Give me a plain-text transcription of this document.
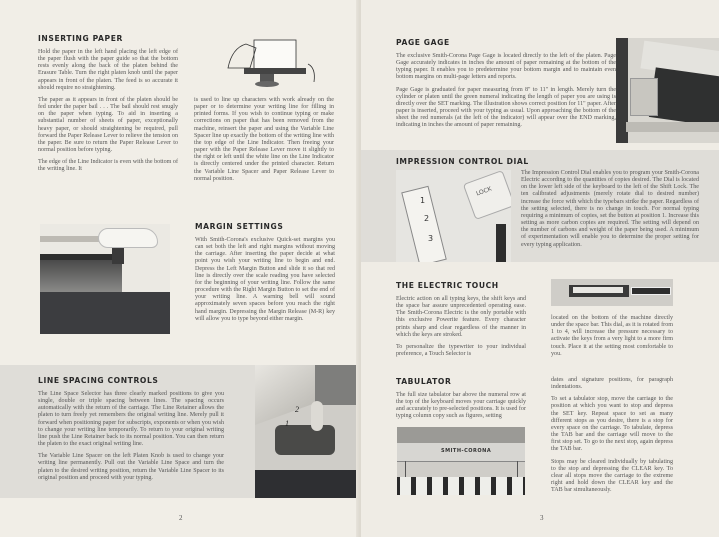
INSERTING PAPER

Hold the paper in the left hand placing the left edge of the paper flush with the paper guide so that the bottom rests evenly along the back of the platen behind the Erasure Table. Turn the right platen knob until the paper appears in front of the platen. The feed is so accurate it should require no straightening.

The paper as it appears in front of the platen should be fed under the paper bail . . . The bail should rest snugly on the paper when typing. To aid in inserting a substantial number of sheets of paper, exceptionally heavy paper, or should straightening be required, pull forward the Paper Release Lever to relieve the tension on the paper. Be sure to return the Paper Release Lever to normal position before typing.

The edge of the Line Indicator is even with the bottom of the writing line. It

is used to line up characters with work already on the paper or to determine your writing line for filling in printed forms. If you wish to continue typing or make corrections on paper that has been removed from the machine, reinsert the paper and using the Variable Line Spacer line up exactly the bottom of the writing line with the top edge of the Line Indicator. Then freeing your paper with the Paper Release Lever move it slightly to the right or left until the white line on the Line Indicator is directly centered under the printed character. Return the Variable Line Spacer and Paper Release Lever to normal position.

MARGIN SETTINGS

With Smith-Corona's exclusive Quick-set margins you can set both the left and right margins without moving the carriage. After inserting the paper decide at what point you wish your writing line to begin and end. Depress the Left Margin Button and slide it so that red line is directly over the scale reading you have selected for the beginning of your writing line. Follow the same procedure with the Right Margin Button to set the end of your writing line. A warning bell will sound approximately seven spaces before you reach the right hand margin. Depressing the Margin Release (M-R) key will allow you to type beyond either margin.

LINE SPACING CONTROLS

The Line Space Selector has three clearly marked positions to give you single, double or triple spacing between lines. The spacing occurs automatically with the return of the carriage. The Line Retainer allows the platen to turn freely yet remembers the original writing line. Merely pull it forward when positioning paper for subscripts, exponents or when you wish to change your writing line temporarily. To return to your original writing line push the Line Retainer back to its normal position. You can then return the platen to the exact original writing line.

The Variable Line Spacer on the left Platen Knob is used to change your writing line permanently. Pull out the Variable Line Space and turn the platen to the desired writing position, return the Variable Line Spacer to its original position and proceed with your typing.

1
2
2
PAGE GAGE

The exclusive Smith-Corona Page Gage is located directly to the left of the platen. Page Gage accurately indicates in inches the amount of paper remaining at the bottom of the typing paper. It enables you to predetermine your bottom margin and to maintain even bottom margins on multi-page letters and reports.

Page Gage is graduated for paper measuring from 8" to 11" in length. Merely turn the cylinder or platen until the green numeral indicating the length of paper you are using is directly over the SET marking. The illustration shows correct position for 11" paper. After paper is inserted, proceed with your typing as usual. Upon approaching the bottom of the sheet the red numerals (at the left of the indicator) will appear over the END marking, indicating in inches the amount of paper remaining.

IMPRESSION CONTROL DIAL
1
2
3
LOCK

The Impression Control Dial enables you to program your Smith-Corona Electric according to the quantities of copies desired. The Dial is located on the lower left side of the keyboard to the left of the Shift Lock. The ten calibrated adjustments (merely rotate dial to desired number) increase the force with which the typebars strike the paper. Regardless of the setting selected, there is no change in touch. For normal typing requiring a minimum of copies, set the button at position 1. Increase this setting as more carbon copies are required. The setting will depend on the number of carbons and weight of the paper being used. A minimum of experimentation will enable you to determine the proper setting for every typing application.

THE ELECTRIC TOUCH

Electric action on all typing keys, the shift keys and the space bar assure unprecedented operating ease. The Smith-Corona Electric is the only portable with this exclusive Powerite feature. Every character prints sharp and clear regardless of the manner in which the keys are stroked.

To personalize the typewriter to your individual preference, a Touch Selector is

located on the bottom of the machine directly under the space bar. This dial, as it is rotated from 1 to 4, will increase the pressure necessary to activate the keys from a very light to a more firm touch. Place it at the setting most comfortable to you.

TABULATOR

The full size tabulator bar above the numeral row at the top of the keyboard moves your carriage quickly and accurately to pre-selected positions. It is used for typing column copy such as figures, setting

SMITH-CORONA

dates and signature positions, for paragraph indentations.

To set a tabulator stop, move the carriage to the position at which you want to stop and depress the SET key. Repeat space to set as many different stops as you desire, there is a stop for every space on the carriage. To tabulate, depress the TAB bar and the carriage will move to the first stop set. To go to the next stop, again depress the TAB bar.

Stops may be cleared individually by tabulating to the stop and depressing the CLEAR key. To clear all stops move the carriage to the extreme right and hold down the CLEAR key and the TAB bar simultaneously.

3
